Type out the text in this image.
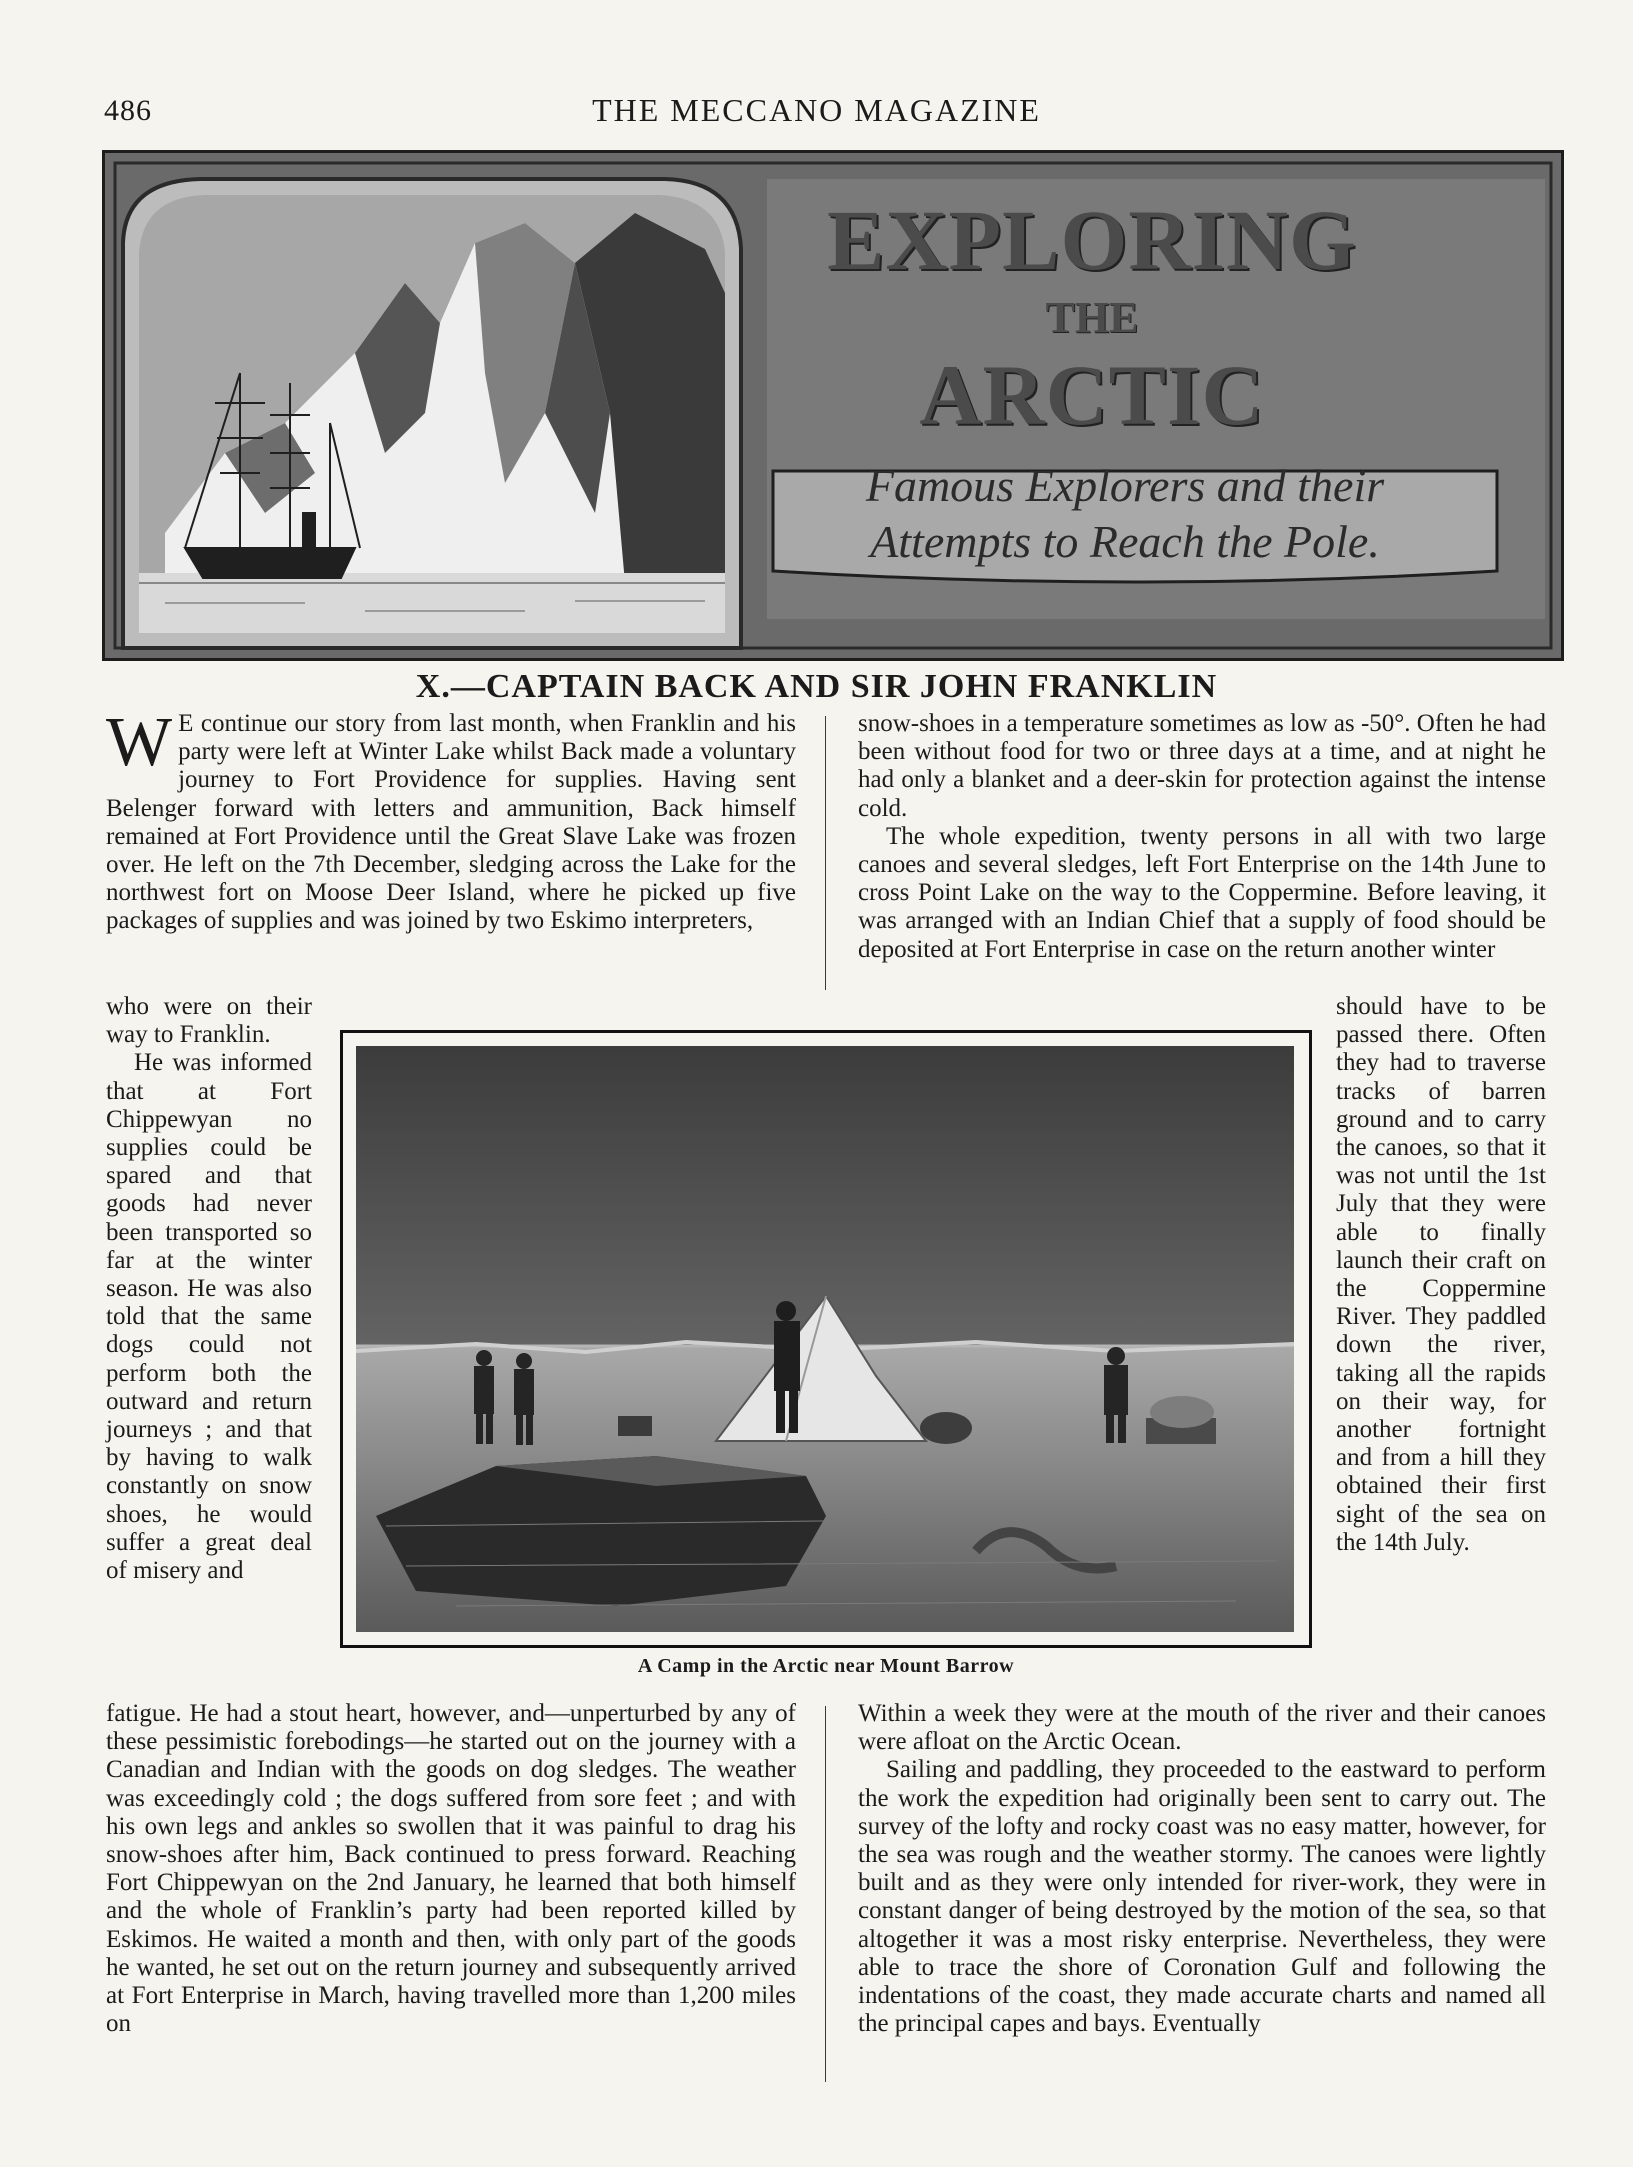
486	THE MECCANO MAGAZINE
EXPLORING
THE
ARCTIC
Famous Explorers and their
Attempts to Reach the Pole.
X.—CAPTAIN BACK AND SIR JOHN FRANKLIN
W E continue our story from last month, when Franklin and his party were left at Winter Lake whilst Back made a voluntary journey to Fort Providence for supplies. Having sent Belenger forward with letters and ammunition, Back himself remained at Fort Providence until the Great Slave Lake was frozen over. He left on the 7th December, sledging across the Lake for the northwest fort on Moose Deer Island, where he picked up five packages of supplies and was joined by two Eskimo interpreters,

snow-shoes in a temperature sometimes as low as -50°. Often he had been without food for two or three days at a time, and at night he had only a blanket and a deer-skin for protection against the intense cold.

The whole expedition, twenty persons in all with two large canoes and several sledges, left Fort Enterprise on the 14th June to cross Point Lake on the way to the Coppermine. Before leaving, it was arranged with an Indian Chief that a supply of food should be deposited at Fort Enterprise in case on the return another winter

who were on their way to Franklin.

He was informed that at Fort Chippewyan no supplies could be spared and that goods had never been transported so far at the winter season. He was also told that the same dogs could not perform both the outward and return journeys ; and that by having to walk constantly on snow shoes, he would suffer a great deal of misery and

should have to be passed there. Often they had to traverse tracks of barren ground and to carry the canoes, so that it was not until the 1st July that they were able to finally launch their craft on the Coppermine River. They paddled down the river, taking all the rapids on their way, for another fortnight and from a hill they obtained their first sight of the sea on the 14th July.

A Camp in the Arctic near Mount Barrow

fatigue. He had a stout heart, however, and—unperturbed by any of these pessimistic forebodings—he started out on the journey with a Canadian and Indian with the goods on dog sledges. The weather was exceedingly cold ; the dogs suffered from sore feet ; and with his own legs and ankles so swollen that it was painful to drag his snow-shoes after him, Back continued to press forward. Reaching Fort Chippewyan on the 2nd January, he learned that both himself and the whole of Franklin’s party had been reported killed by Eskimos. He waited a month and then, with only part of the goods he wanted, he set out on the return journey and subsequently arrived at Fort Enterprise in March, having travelled more than 1,200 miles on

Within a week they were at the mouth of the river and their canoes were afloat on the Arctic Ocean.

Sailing and paddling, they proceeded to the eastward to perform the work the expedition had originally been sent to carry out. The survey of the lofty and rocky coast was no easy matter, however, for the sea was rough and the weather stormy. The canoes were lightly built and as they were only intended for river-work, they were in constant danger of being destroyed by the motion of the sea, so that altogether it was a most risky enterprise. Nevertheless, they were able to trace the shore of Coronation Gulf and following the indentations of the coast, they made accurate charts and named all the principal capes and bays. Eventually
